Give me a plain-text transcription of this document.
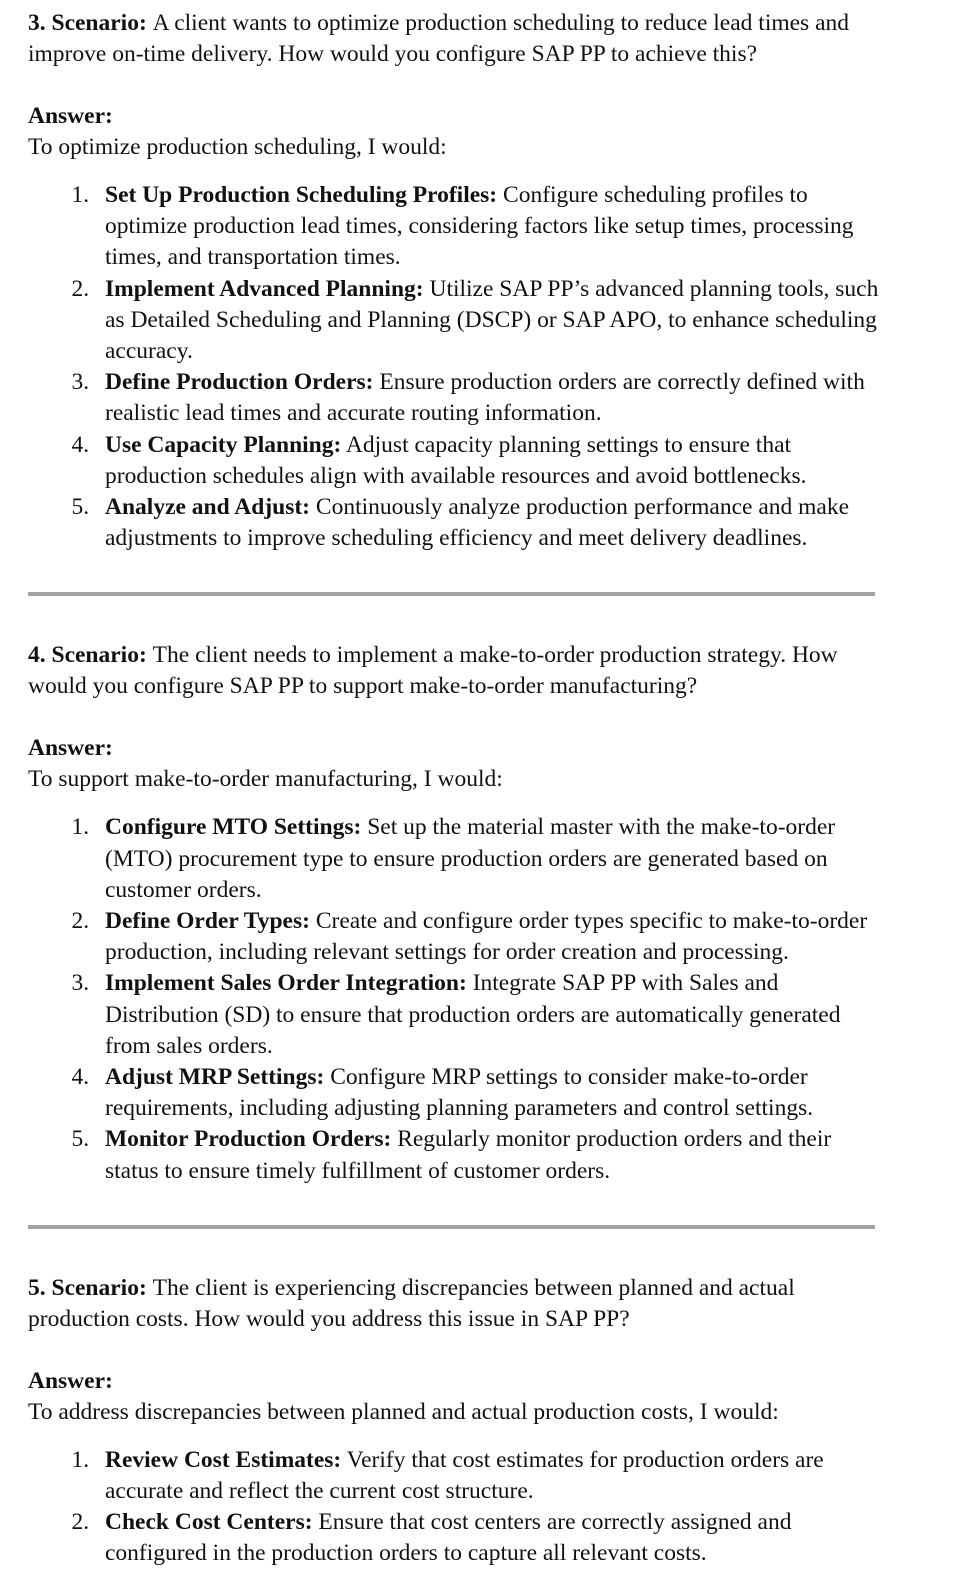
3. Scenario: A client wants to optimize production scheduling to reduce lead times and improve on-time delivery. How would you configure SAP PP to achieve this?

Answer:

To optimize production scheduling, I would:

1. Set Up Production Scheduling Profiles: Configure scheduling profiles to optimize production lead times, considering factors like setup times, processing times, and transportation times.
2. Implement Advanced Planning: Utilize SAP PP’s advanced planning tools, such as Detailed Scheduling and Planning (DSCP) or SAP APO, to enhance scheduling accuracy.
3. Define Production Orders: Ensure production orders are correctly defined with realistic lead times and accurate routing information.
4. Use Capacity Planning: Adjust capacity planning settings to ensure that production schedules align with available resources and avoid bottlenecks.
5. Analyze and Adjust: Continuously analyze production performance and make adjustments to improve scheduling efficiency and meet delivery deadlines.

4. Scenario: The client needs to implement a make-to-order production strategy. How would you configure SAP PP to support make-to-order manufacturing?

Answer:

To support make-to-order manufacturing, I would:

1. Configure MTO Settings: Set up the material master with the make-to-order (MTO) procurement type to ensure production orders are generated based on customer orders.
2. Define Order Types: Create and configure order types specific to make-to-order production, including relevant settings for order creation and processing.
3. Implement Sales Order Integration: Integrate SAP PP with Sales and Distribution (SD) to ensure that production orders are automatically generated from sales orders.
4. Adjust MRP Settings: Configure MRP settings to consider make-to-order requirements, including adjusting planning parameters and control settings.
5. Monitor Production Orders: Regularly monitor production orders and their status to ensure timely fulfillment of customer orders.

5. Scenario: The client is experiencing discrepancies between planned and actual production costs. How would you address this issue in SAP PP?

Answer:

To address discrepancies between planned and actual production costs, I would:

1. Review Cost Estimates: Verify that cost estimates for production orders are accurate and reflect the current cost structure.
2. Check Cost Centers: Ensure that cost centers are correctly assigned and configured in the production orders to capture all relevant costs.
